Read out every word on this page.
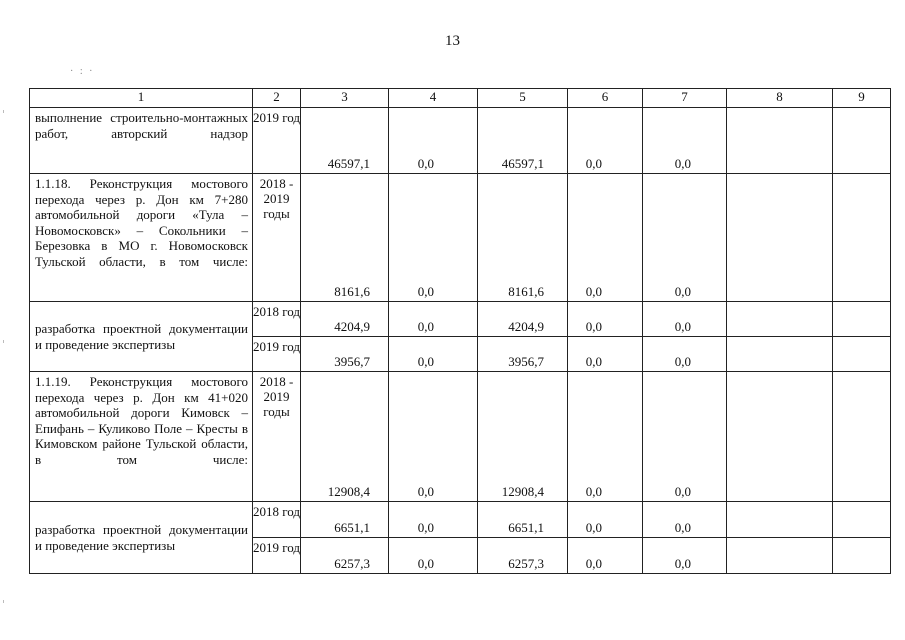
13
· : ·
1	2	3	4	5	6	7	8	9
выполнение строительно-монтажных работ, авторский надзор	2019 год	46597,1	0,0	46597,1	0,0	0,0		
1.1.18. Реконструкция мостового перехода через р. Дон км 7+280 автомобильной дороги «Тула – Новомосковск» – Сокольники – Березовка в МО г. Новомосковск Тульской области, в том числе:	2018 - 2019 годы	8161,6	0,0	8161,6	0,0	0,0		
разработка проектной документации и проведение экспертизы	2018 год	4204,9	0,0	4204,9	0,0	0,0		
	2019 год	3956,7	0,0	3956,7	0,0	0,0		
1.1.19. Реконструкция мостового перехода через р. Дон км 41+020 автомобильной дороги Кимовск – Епифань – Куликово Поле – Кресты в Кимовском районе Тульской области, в том числе:	2018 - 2019 годы	12908,4	0,0	12908,4	0,0	0,0		
разработка проектной документации и проведение экспертизы	2018 год	6651,1	0,0	6651,1	0,0	0,0		
	2019 год	6257,3	0,0	6257,3	0,0	0,0		
